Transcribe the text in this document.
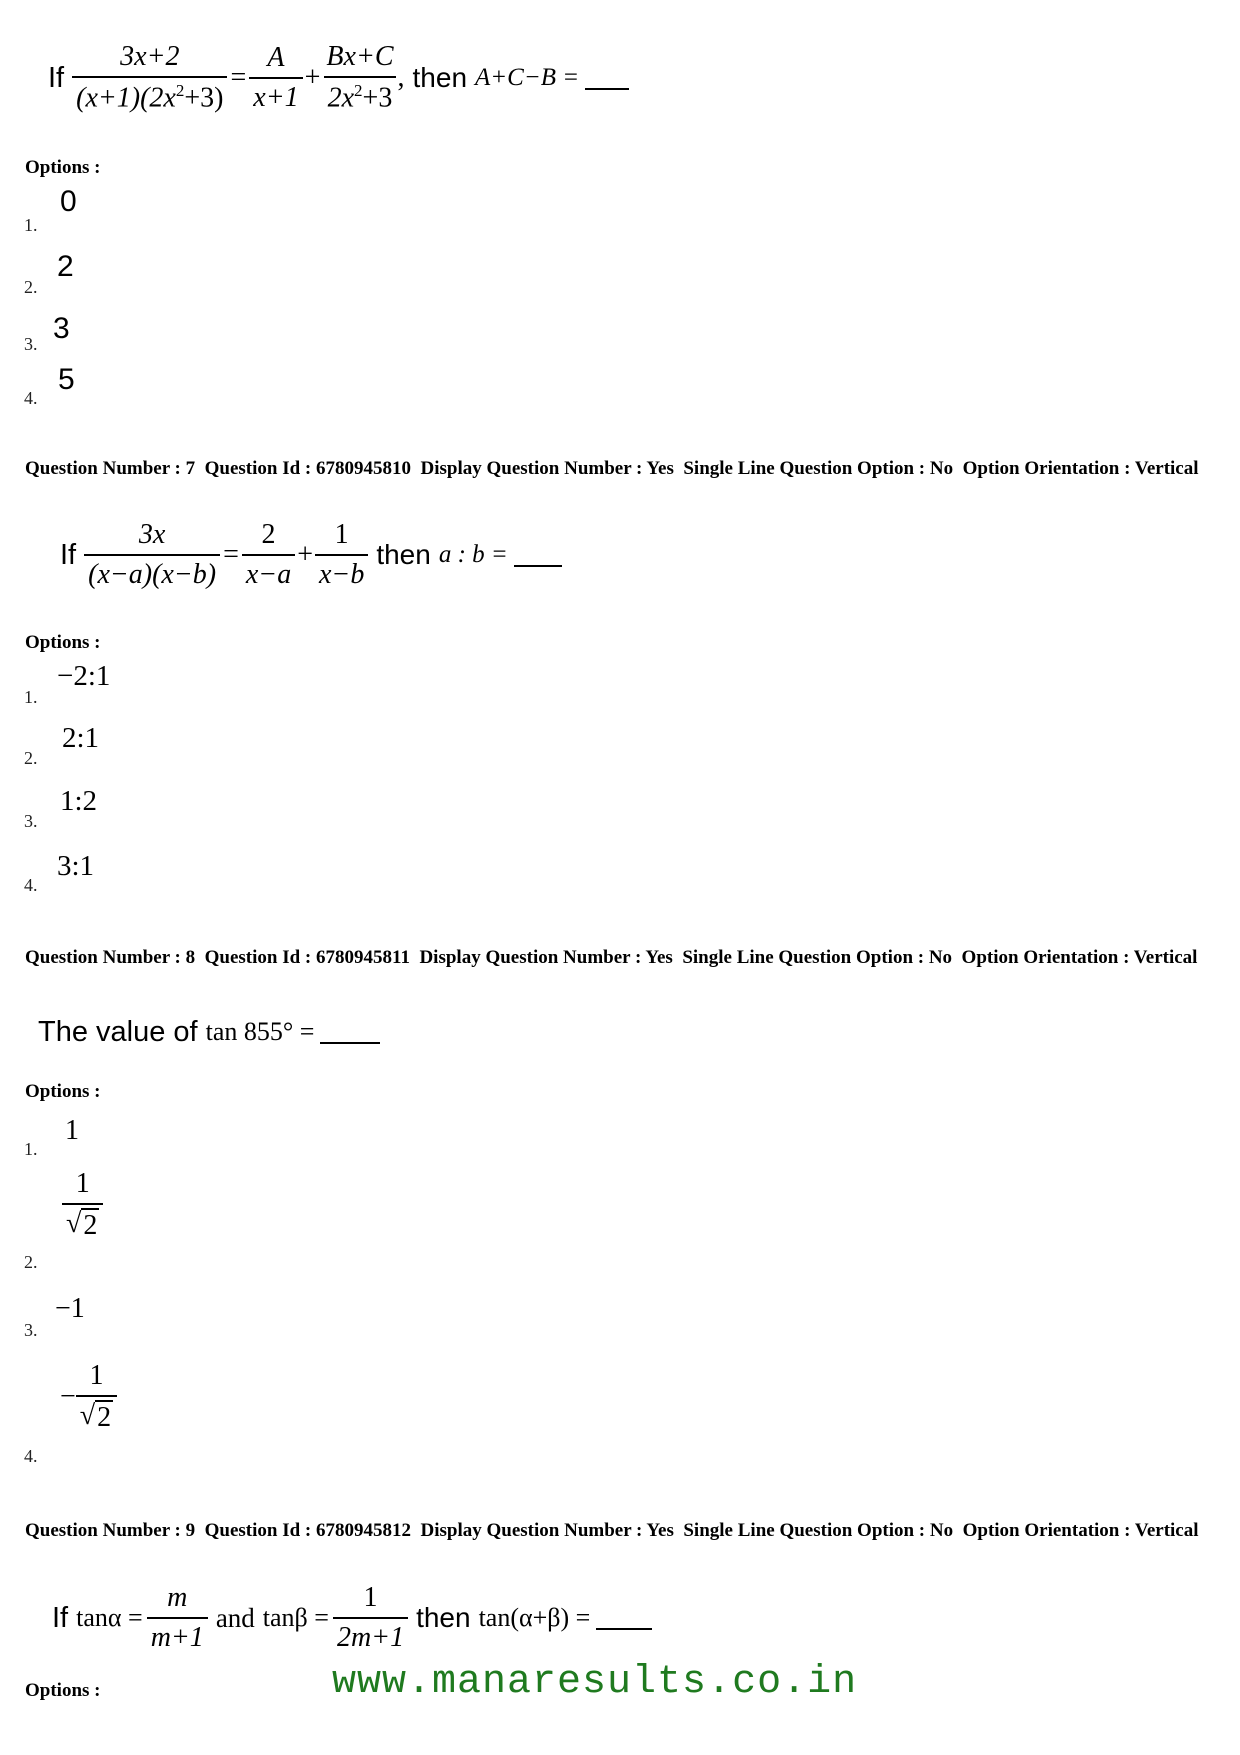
If $\frac{3x+2}{(x+1)(2x^2+3)} = \frac{A}{x+1} + \frac{Bx+C}{2x^2+3}$ , then A+C−B =
Options :
1.
0
2.
2
3. 3
4.
5
Question Number : 7  Question Id : 6780945810  Display Question Number : Yes  Single Line Question Option : No  Option Orientation : Vertical
If $\frac{3x}{(x-a)(x-b)} = \frac{2}{x-a} + \frac{1}{x-b}$ then a : b =
Options :
1.
−2:1
2.
2:1
3.
1:2
4.
3:1
Question Number : 8  Question Id : 6780945811  Display Question Number : Yes  Single Line Question Option : No  Option Orientation : Vertical
The value of tan 855° =
Options :
1.
1
2.
$\frac{1}{√ 2}$
3.
−1
4.
− $\frac{1}{√ 2}$
Question Number : 9  Question Id : 6780945812  Display Question Number : Yes  Single Line Question Option : No  Option Orientation : Vertical
If $\tan\alpha = \frac{m}{m+1}$ and $\tan\beta = \frac{1}{2m+1}$ then tan(α+β) =
Options :	www.manaresults.co.in
